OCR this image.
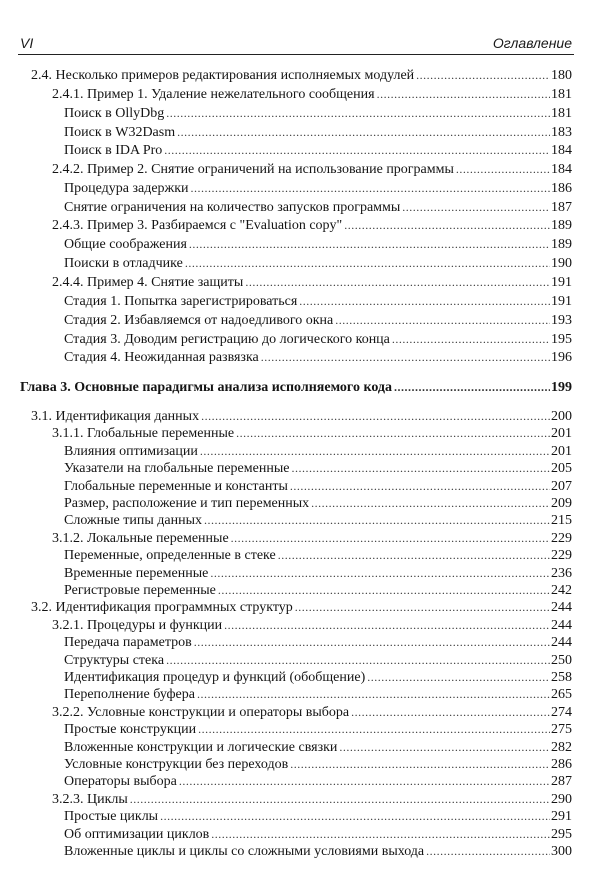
VI	Оглавление
2.4. Несколько примеров редактирования исполняемых модулей .....	180
2.4.1. Пример 1. Удаление нежелательного сообщения .....	181
Поиск в OllyDbg .....	181
Поиск в W32Dasm .....	183
Поиск в IDA Pro .....	184
2.4.2. Пример 2. Снятие ограничений на использование программы .....	184
Процедура задержки .....	186
Снятие ограничения на количество запусков программы .....	187
2.4.3. Пример 3. Разбираемся с "Evaluation copy" .....	189
Общие соображения .....	189
Поиски в отладчике .....	190
2.4.4. Пример 4. Снятие защиты .....	191
Стадия 1. Попытка зарегистрироваться .....	191
Стадия 2. Избавляемся от надоедливого окна .....	193
Стадия 3. Доводим регистрацию до логического конца .....	195
Стадия 4. Неожиданная развязка .....	196
Глава 3. Основные парадигмы анализа исполняемого кода .....	199
3.1. Идентификация данных .....	200
3.1.1. Глобальные переменные .....	201
Влияния оптимизации .....	201
Указатели на глобальные переменные .....	205
Глобальные переменные и константы .....	207
Размер, расположение и тип переменных .....	209
Сложные типы данных .....	215
3.1.2. Локальные переменные .....	229
Переменные, определенные в стеке .....	229
Временные переменные .....	236
Регистровые переменные .....	242
3.2. Идентификация программных структур .....	244
3.2.1. Процедуры и функции .....	244
Передача параметров .....	244
Структуры стека .....	250
Идентификация процедур и функций (обобщение) .....	258
Переполнение буфера .....	265
3.2.2. Условные конструкции и операторы выбора .....	274
Простые конструкции .....	275
Вложенные конструкции и логические связки .....	282
Условные конструкции без переходов .....	286
Операторы выбора .....	287
3.2.3. Циклы .....	290
Простые циклы .....	291
Об оптимизации циклов .....	295
Вложенные циклы и циклы со сложными условиями выхода .....	300
